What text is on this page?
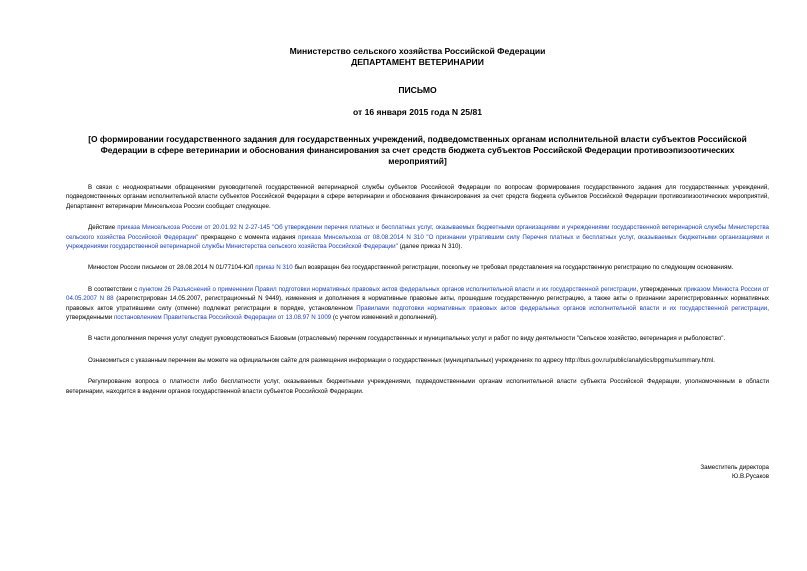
Министерство сельского хозяйства Российской Федерации
ДЕПАРТАМЕНТ ВЕТЕРИНАРИИ
ПИСЬМО
от 16 января 2015 года N 25/81
[О формировании государственного задания для государственных учреждений, подведомственных органам исполнительной власти субъектов Российской Федерации в сфере ветеринарии и обоснования финансирования за счет средств бюджета субъектов Российской Федерации противоэпизоотических мероприятий]

В связи с неоднократными обращениями руководителей государственной ветеринарной службы субъектов Российской Федерации по вопросам формирования государственного задания для государственных учреждений, подведомственных органам исполнительной власти субъектов Российской Федерации в сфере ветеринарии и обоснования финансирования за счет средств бюджета субъектов Российской Федерации противоэпизоотических мероприятий, Департамент ветеринарии Минсельхоза России сообщает следующее.

Действие приказа Минсельхоза России от 20.01.92 N 2-27-145 "Об утверждении перечня платных и бесплатных услуг, оказываемых бюджетными организациями и учреждениями государственной ветеринарной службы Министерства сельского хозяйства Российской Федерации" прекращено с момента издания приказа Минсельхоза от 08.08.2014 N 310 "О признании утратившим силу Перечня платных и бесплатных услуг, оказываемых бюджетными организациями и учреждениями государственной ветеринарной службы Министерства сельского хозяйства Российской Федерации" (далее приказ N 310).

Минюстом России письмом от 28.08.2014 N 01/77104-ЮЛ приказ N 310 был возвращен без государственной регистрации, поскольку не требовал представления на государственную регистрацию по следующим основаниям.

В соответствии с пунктом 26 Разъяснений о применении Правил подготовки нормативных правовых актов федеральных органов исполнительной власти и их государственной регистрации, утвержденных приказом Минюста России от 04.05.2007 N 88 (зарегистрирован 14.05.2007, регистрационный N 9449), изменения и дополнения в нормативные правовые акты, прошедшие государственную регистрацию, а также акты о признании зарегистрированных нормативных правовых актов утратившими силу (отмене) подлежат регистрации в порядке, установленном Правилами подготовки нормативных правовых актов федеральных органов исполнительной власти и их государственной регистрации, утвержденными постановлением Правительства Российской Федерации от 13.08.97 N 1009 (с учетом изменений и дополнений).

В части дополнения перечня услуг следует руководствоваться Базовым (отраслевым) перечнем государственных и муниципальных услуг и работ по виду деятельности "Сельское хозяйство, ветеринария и рыболовство".

Ознакомиться с указанным перечнем вы можете на официальном сайте для размещения информации о государственных (муниципальных) учреждениях по адресу http://bus.gov.ru/public/analytics/bpgmu/summary.html.

Регулирование вопроса о платности либо бесплатности услуг, оказываемых бюджетными учреждениями, подведомственными органам исполнительной власти субъекта Российской Федерации, уполномоченным в области ветеринарии, находится в ведении органов государственной власти субъектов Российской Федерации.

Заместитель директора
Ю.В.Русаков
